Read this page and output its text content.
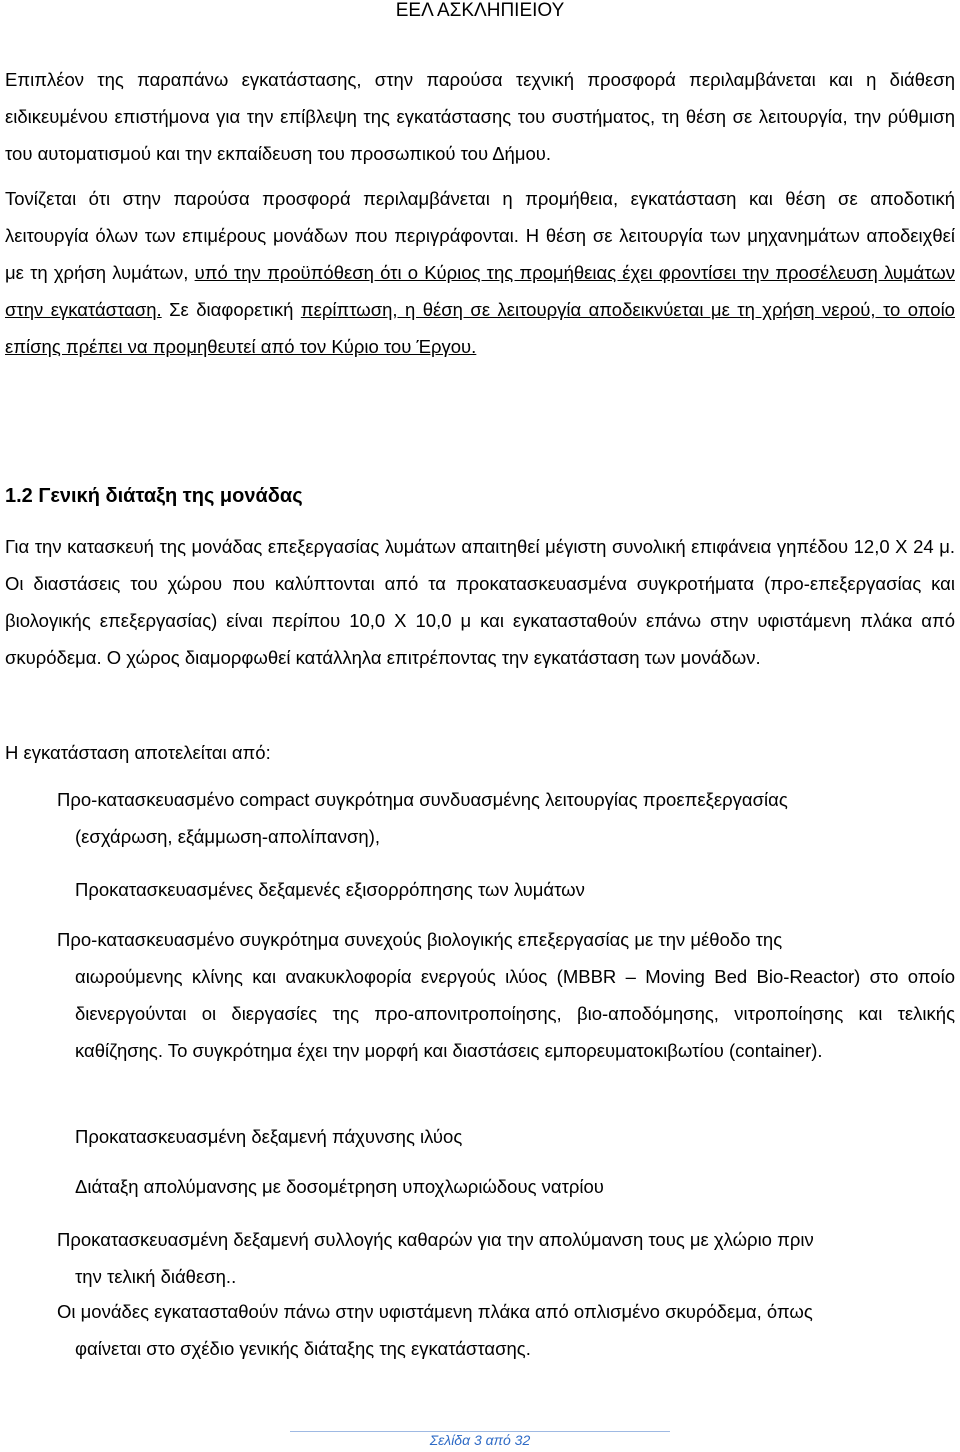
ΕΕΛ ΑΣΚΛΗΠΙΕΙΟΥ
Επιπλέον της παραπάνω εγκατάστασης, στην παρούσα τεχνική προσφορά περιλαμβάνεται και η διάθεση ειδικευμένου επιστήμονα για την επίβλεψη της εγκατάστασης του συστήματος, τη θέση σε λειτουργία, την ρύθμιση του αυτοματισμού και την εκπαίδευση του προσωπικού του Δήμου.
Τονίζεται ότι στην παρούσα προσφορά περιλαμβάνεται η προμήθεια, εγκατάσταση και θέση σε αποδοτική λειτουργία όλων των επιμέρους μονάδων που περιγράφονται. Η θέση σε λειτουργία των μηχανημάτων αποδειχθεί με τη χρήση λυμάτων, υπό την προϋπόθεση ότι ο Κύριος της προμήθειας έχει φροντίσει την προσέλευση λυμάτων στην εγκατάσταση. Σε διαφορετική περίπτωση, η θέση σε λειτουργία αποδεικνύεται με τη χρήση νερού, το οποίο επίσης πρέπει να προμηθευτεί από τον Κύριο του Έργου.
1.2 Γενική διάταξη της μονάδας
Για την κατασκευή της μονάδας επεξεργασίας λυμάτων απαιτηθεί μέγιστη συνολική επιφάνεια γηπέδου 12,0 Χ 24 μ. Οι διαστάσεις του χώρου που καλύπτονται από τα προκατασκευασμένα συγκροτήματα (προ-επεξεργασίας και βιολογικής επεξεργασίας) είναι περίπου 10,0 Χ 10,0 μ και εγκατασταθούν επάνω στην υφιστάμενη πλάκα από σκυρόδεμα. Ο χώρος διαμορφωθεί κατάλληλα επιτρέποντας την εγκατάσταση των μονάδων.
Η εγκατάσταση αποτελείται από:
Προ-κατασκευασμένο compact συγκρότημα συνδυασμένης λειτουργίας προεπεξεργασίας
(εσχάρωση, εξάμμωση-απολίπανση),
Προκατασκευασμένες δεξαμενές εξισορρόπησης των λυμάτων
Προ-κατασκευασμένο συγκρότημα συνεχούς βιολογικής επεξεργασίας με την μέθοδο της
αιωρούμενης κλίνης και ανακυκλοφορία ενεργούς ιλύος (MBBR – Moving Bed Bio-Reactor) στο οποίο διενεργούνται οι διεργασίες της προ-απονιτροποίησης, βιο-αποδόμησης, νιτροποίησης και τελικής καθίζησης. Το συγκρότημα έχει την μορφή και διαστάσεις εμπορευματοκιβωτίου (container).
Προκατασκευασμένη δεξαμενή πάχυνσης ιλύος
Διάταξη απολύμανσης με δοσομέτρηση υποχλωριώδους νατρίου
Προκατασκευασμένη δεξαμενή συλλογής καθαρών για την απολύμανση τους με χλώριο πριν
την τελική διάθεση..
Οι μονάδες εγκατασταθούν πάνω στην υφιστάμενη πλάκα από οπλισμένο σκυρόδεμα, όπως
φαίνεται στο σχέδιο γενικής διάταξης της εγκατάστασης.
Σελίδα 3 από 32
